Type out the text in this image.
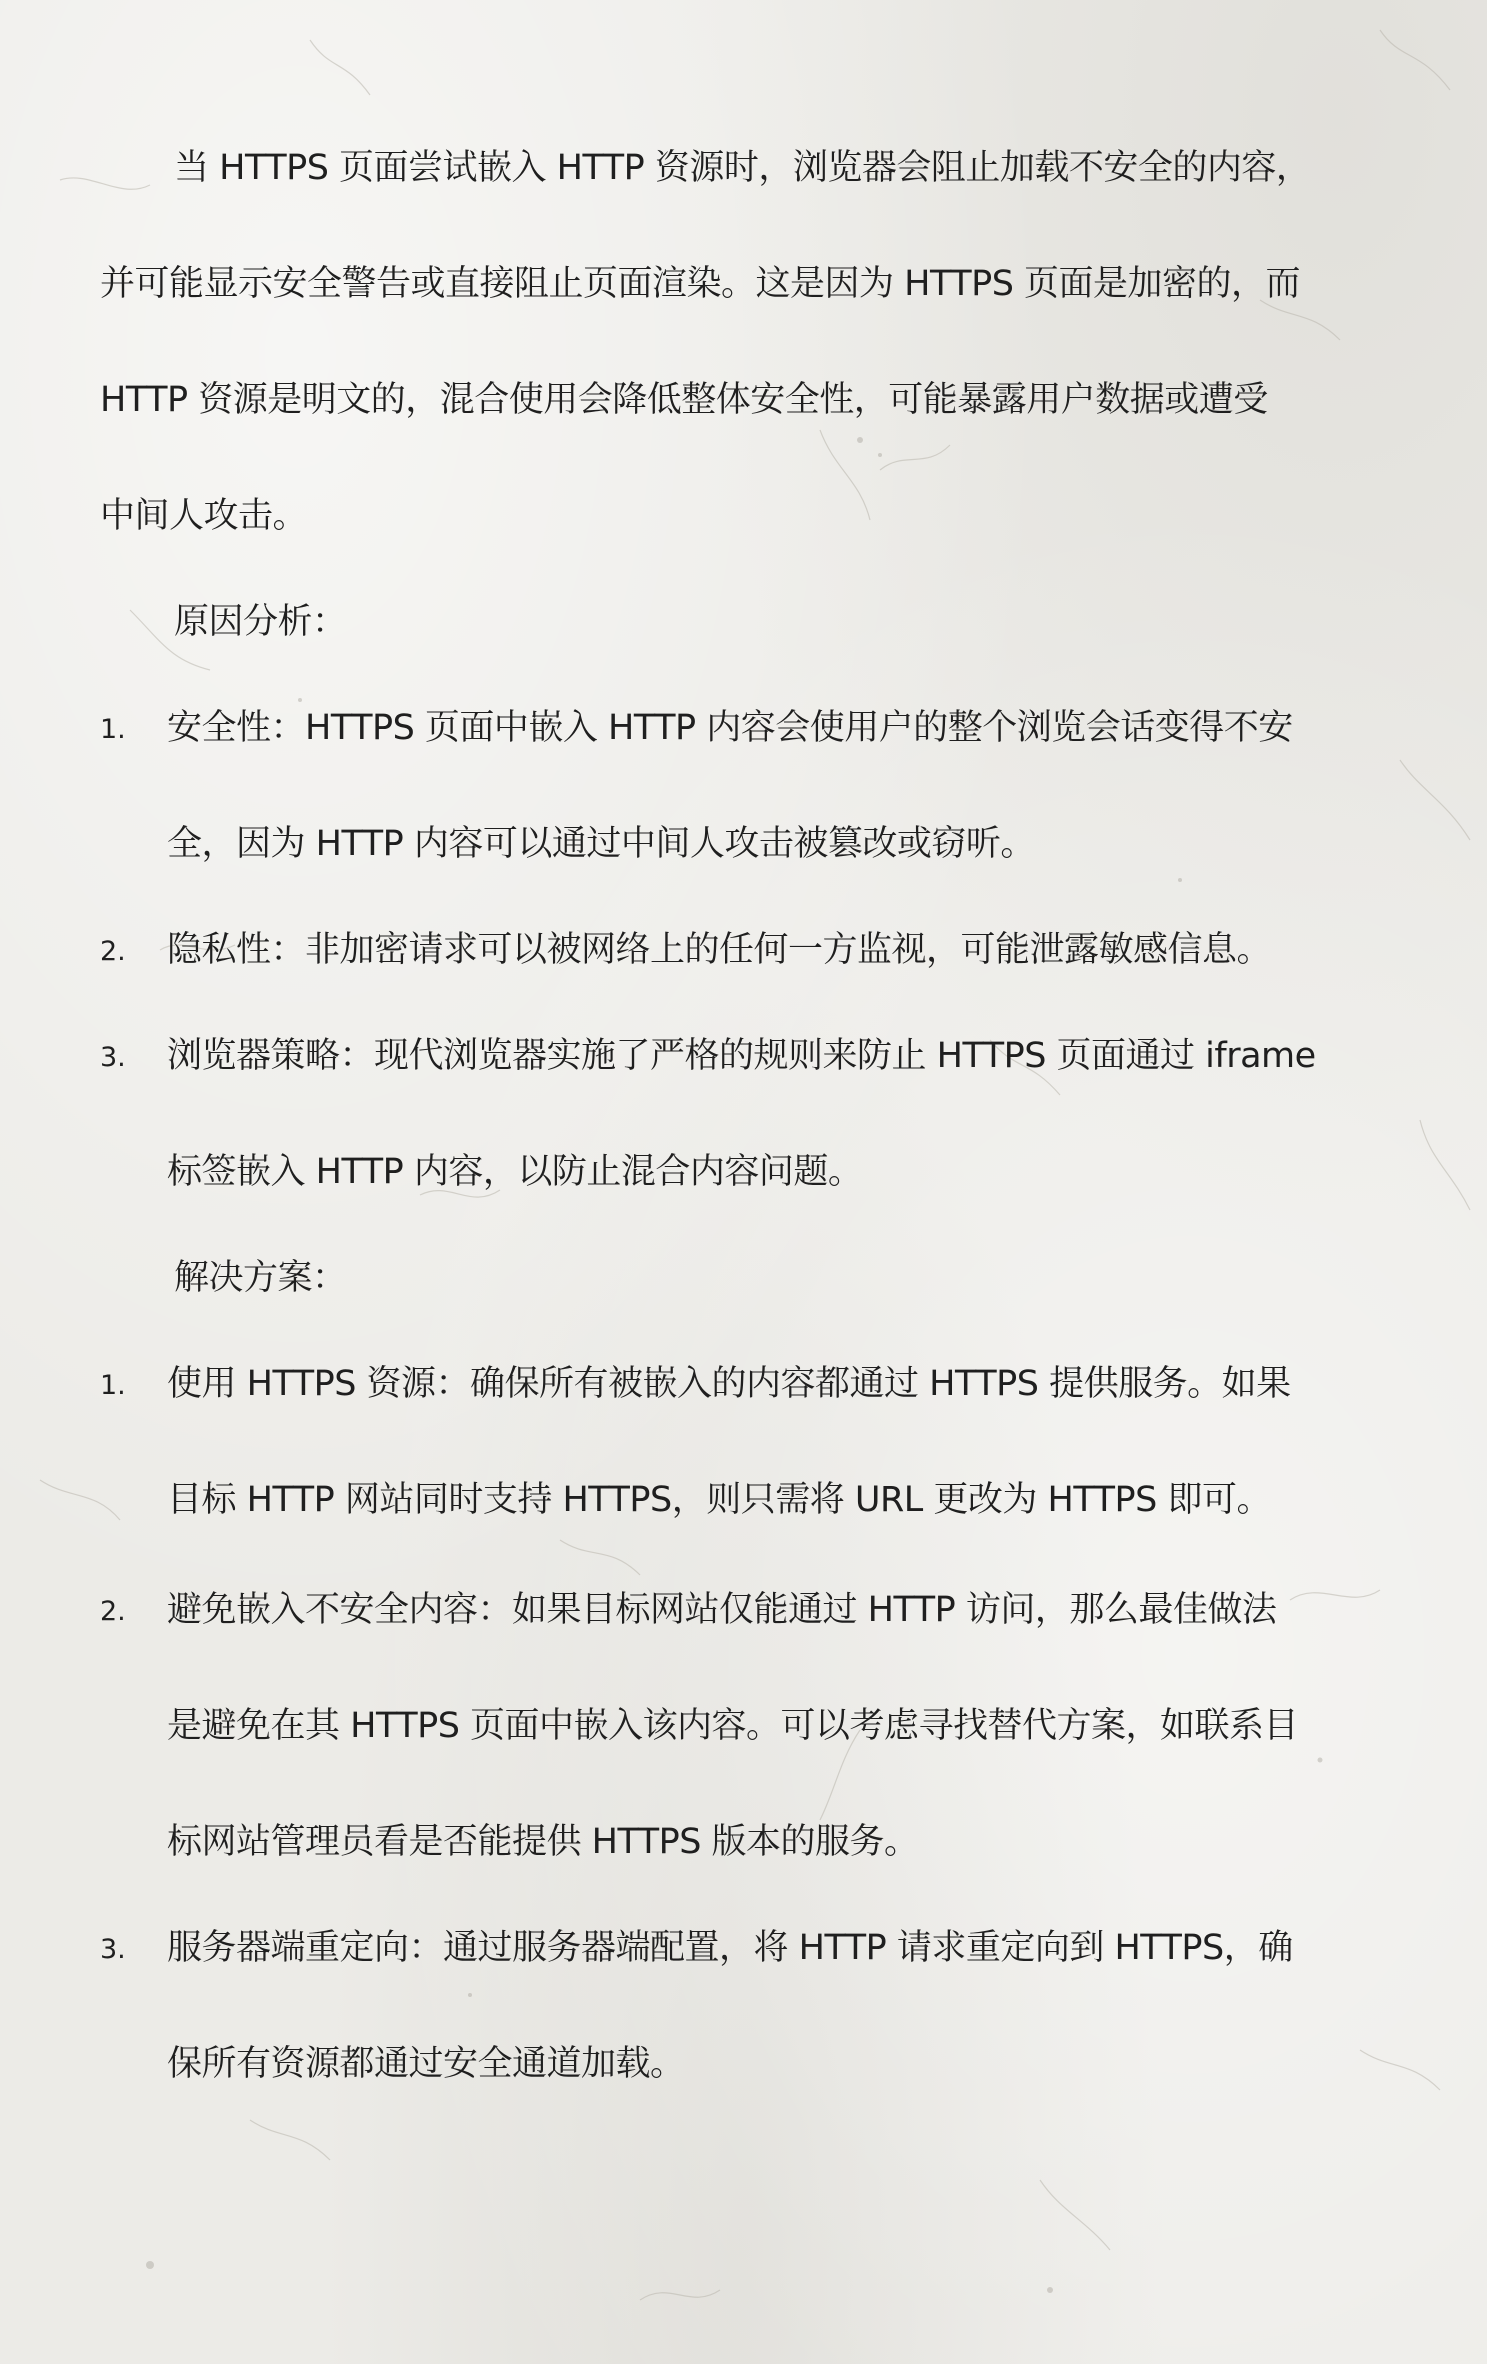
当 HTTPS 页面尝试嵌入 HTTP 资源时，浏览器会阻止加载不安全的内容，
并可能显示安全警告或直接阻止页面渲染。这是因为 HTTPS 页面是加密的，而
HTTP 资源是明文的，混合使用会降低整体安全性，可能暴露用户数据或遭受
中间人攻击。
原因分析：
1. 安全性：HTTPS 页面中嵌入 HTTP 内容会使用户的整个浏览会话变得不安
全，因为 HTTP 内容可以通过中间人攻击被篡改或窃听。
2. 隐私性：非加密请求可以被网络上的任何一方监视，可能泄露敏感信息。
3. 浏览器策略：现代浏览器实施了严格的规则来防止 HTTPS 页面通过 iframe
标签嵌入 HTTP 内容，以防止混合内容问题。
解决方案：
1. 使用 HTTPS 资源：确保所有被嵌入的内容都通过 HTTPS 提供服务。如果
目标 HTTP 网站同时支持 HTTPS，则只需将 URL 更改为 HTTPS 即可。
2. 避免嵌入不安全内容：如果目标网站仅能通过 HTTP 访问，那么最佳做法
是避免在其 HTTPS 页面中嵌入该内容。可以考虑寻找替代方案，如联系目
标网站管理员看是否能提供 HTTPS 版本的服务。
3. 服务器端重定向：通过服务器端配置，将 HTTP 请求重定向到 HTTPS，确
保所有资源都通过安全通道加载。
